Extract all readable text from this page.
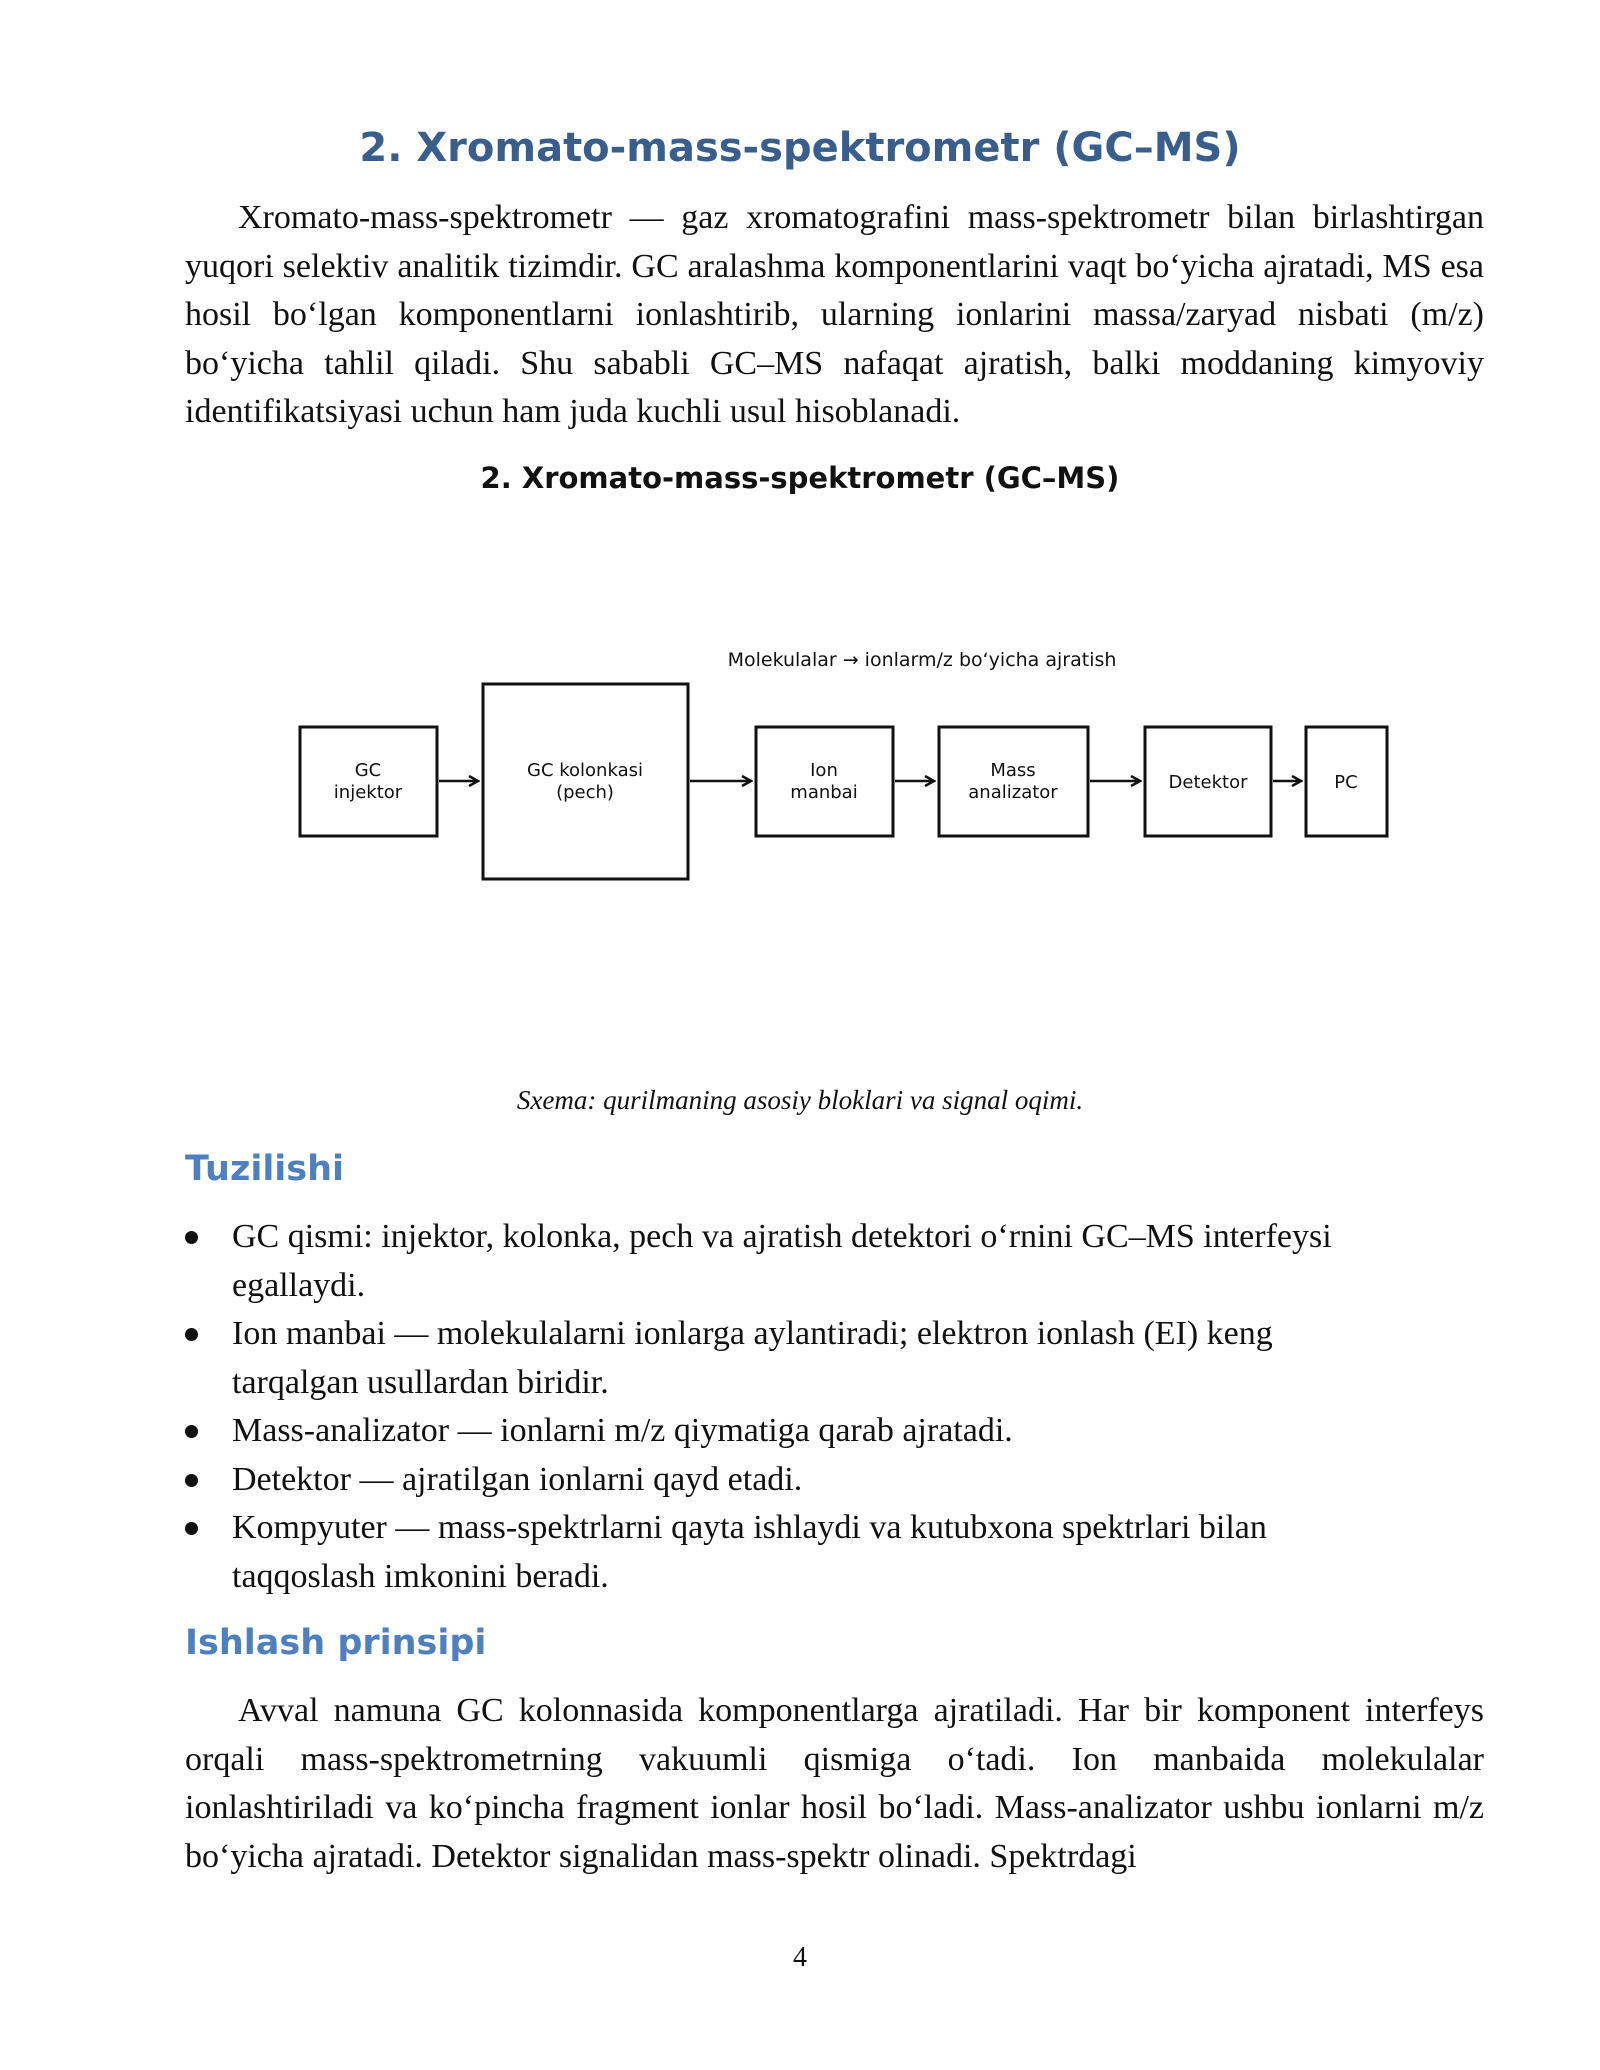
2. Xromato-mass-spektrometr (GC–MS)

Xromato-mass-spektrometr — gaz xromatografini mass-spektrometr bilan birlashtirgan yuqori selektiv analitik tizimdir. GC aralashma komponentlarini vaqt bo‘yicha ajratadi, MS esa hosil bo‘lgan komponentlarni ionlashtirib, ularning ionlarini massa/zaryad nisbati (m/z) bo‘yicha tahlil qiladi. Shu sababli GC–MS nafaqat ajratish, balki moddaning kimyoviy identifikatsiyasi uchun ham juda kuchli usul hisoblanadi.

2. Xromato-mass-spektrometr (GC–MS)
Molekulalar → ionlarm/z bo‘yicha ajratish
GC
injektor
GC kolonkasi
(pech)
Ion
manbai
Mass
analizator	Detektor	PC
Sxema: qurilmaning asosiy bloklari va signal oqimi.
Tuzilishi
GC qismi: injektor, kolonka, pech va ajratish detektori o‘rnini GC–MS interfeysi egallaydi.
Ion manbai — molekulalarni ionlarga aylantiradi; elektron ionlash (EI) keng tarqalgan usullardan biridir.
Mass-analizator — ionlarni m/z qiymatiga qarab ajratadi.
Detektor — ajratilgan ionlarni qayd etadi.
Kompyuter — mass-spektrlarni qayta ishlaydi va kutubxona spektrlari bilan taqqoslash imkonini beradi.
Ishlash prinsipi

Avval namuna GC kolonnasida komponentlarga ajratiladi. Har bir komponent interfeys orqali mass-spektrometrning vakuumli qismiga o‘tadi. Ion manbaida molekulalar ionlashtiriladi va ko‘pincha fragment ionlar hosil bo‘ladi. Mass-analizator ushbu ionlarni m/z bo‘yicha ajratadi. Detektor signalidan mass-spektr olinadi. Spektrdagi

4
